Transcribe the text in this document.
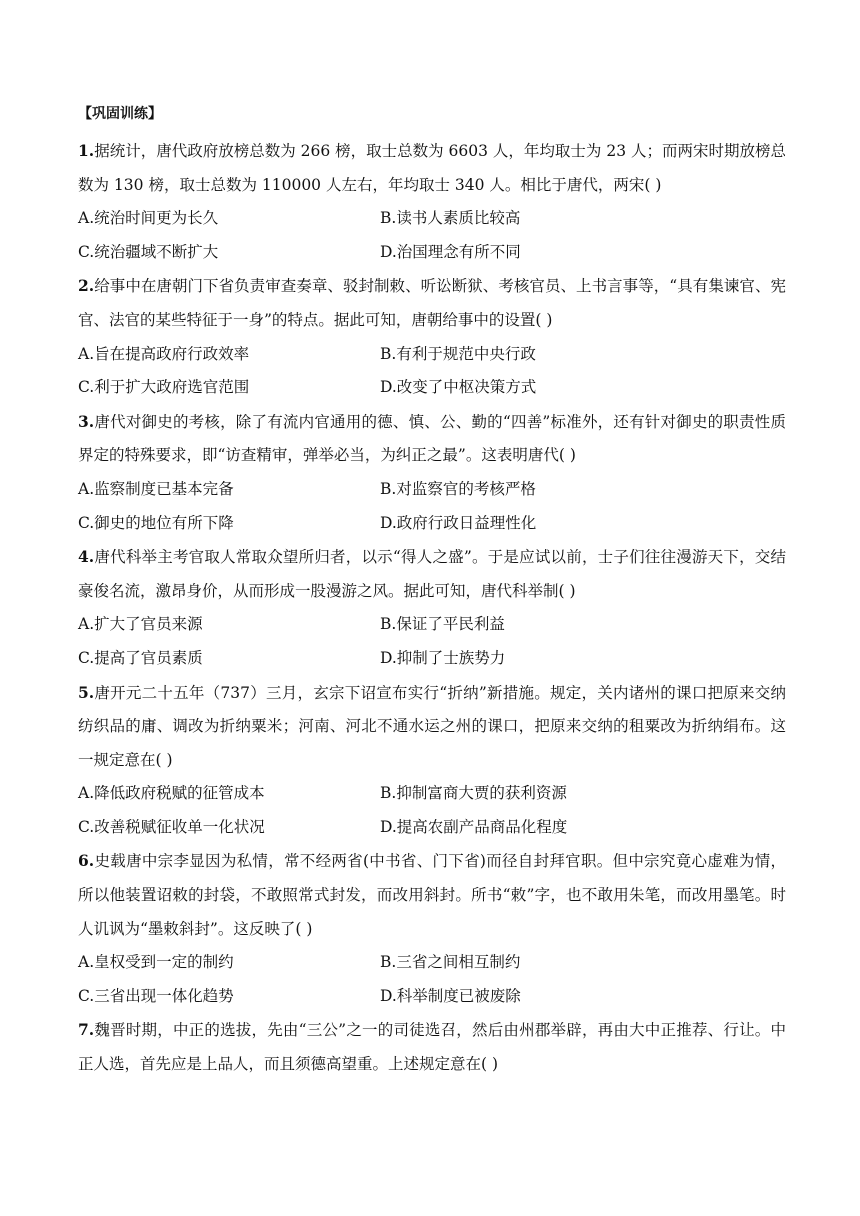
【巩固训练】

1.据统计，唐代政府放榜总数为 266 榜，取士总数为 6603 人，年均取士为 23 人；而两宋时期放榜总数为 130 榜，取士总数为 110000 人左右，年均取士 340 人。相比于唐代，两宋( )

A.统治时间更为长久	B.读书人素质比较高
C.统治疆域不断扩大	D.治国理念有所不同

2.给事中在唐朝门下省负责审查奏章、驳封制敕、听讼断狱、考核官员、上书言事等，“具有集谏官、宪官、法官的某些特征于一身”的特点。据此可知，唐朝给事中的设置( )

A.旨在提高政府行政效率	B.有利于规范中央行政
C.利于扩大政府选官范围	D.改变了中枢决策方式

3.唐代对御史的考核，除了有流内官通用的德、慎、公、勤的“四善”标准外，还有针对御史的职责性质界定的特殊要求，即“访查精审，弹举必当，为纠正之最”。这表明唐代( )

A.监察制度已基本完备	B.对监察官的考核严格
C.御史的地位有所下降	D.政府行政日益理性化

4.唐代科举主考官取人常取众望所归者，以示“得人之盛”。于是应试以前，士子们往往漫游天下，交结豪俊名流，激昂身价，从而形成一股漫游之风。据此可知，唐代科举制( )

A.扩大了官员来源	B.保证了平民利益
C.提高了官员素质	D.抑制了士族势力

5.唐开元二十五年（737）三月，玄宗下诏宣布实行“折纳”新措施。规定，关内诸州的课口把原来交纳纺织品的庸、调改为折纳粟米；河南、河北不通水运之州的课口，把原来交纳的租粟改为折纳绢布。这一规定意在( )

A.降低政府税赋的征管成本	B.抑制富商大贾的获利资源
C.改善税赋征收单一化状况	D.提高农副产品商品化程度

6.史载唐中宗李显因为私情，常不经两省(中书省、门下省)而径自封拜官职。但中宗究竟心虚难为情，所以他装置诏敕的封袋，不敢照常式封发，而改用斜封。所书“敕”字，也不敢用朱笔，而改用墨笔。时人讥讽为“墨敕斜封”。这反映了( )

A.皇权受到一定的制约	B.三省之间相互制约
C.三省出现一体化趋势	D.科举制度已被废除

7.魏晋时期，中正的选拔，先由“三公”之一的司徒选召，然后由州郡举辟，再由大中正推荐、行让。中正人选，首先应是上品人，而且须德高望重。上述规定意在( )
